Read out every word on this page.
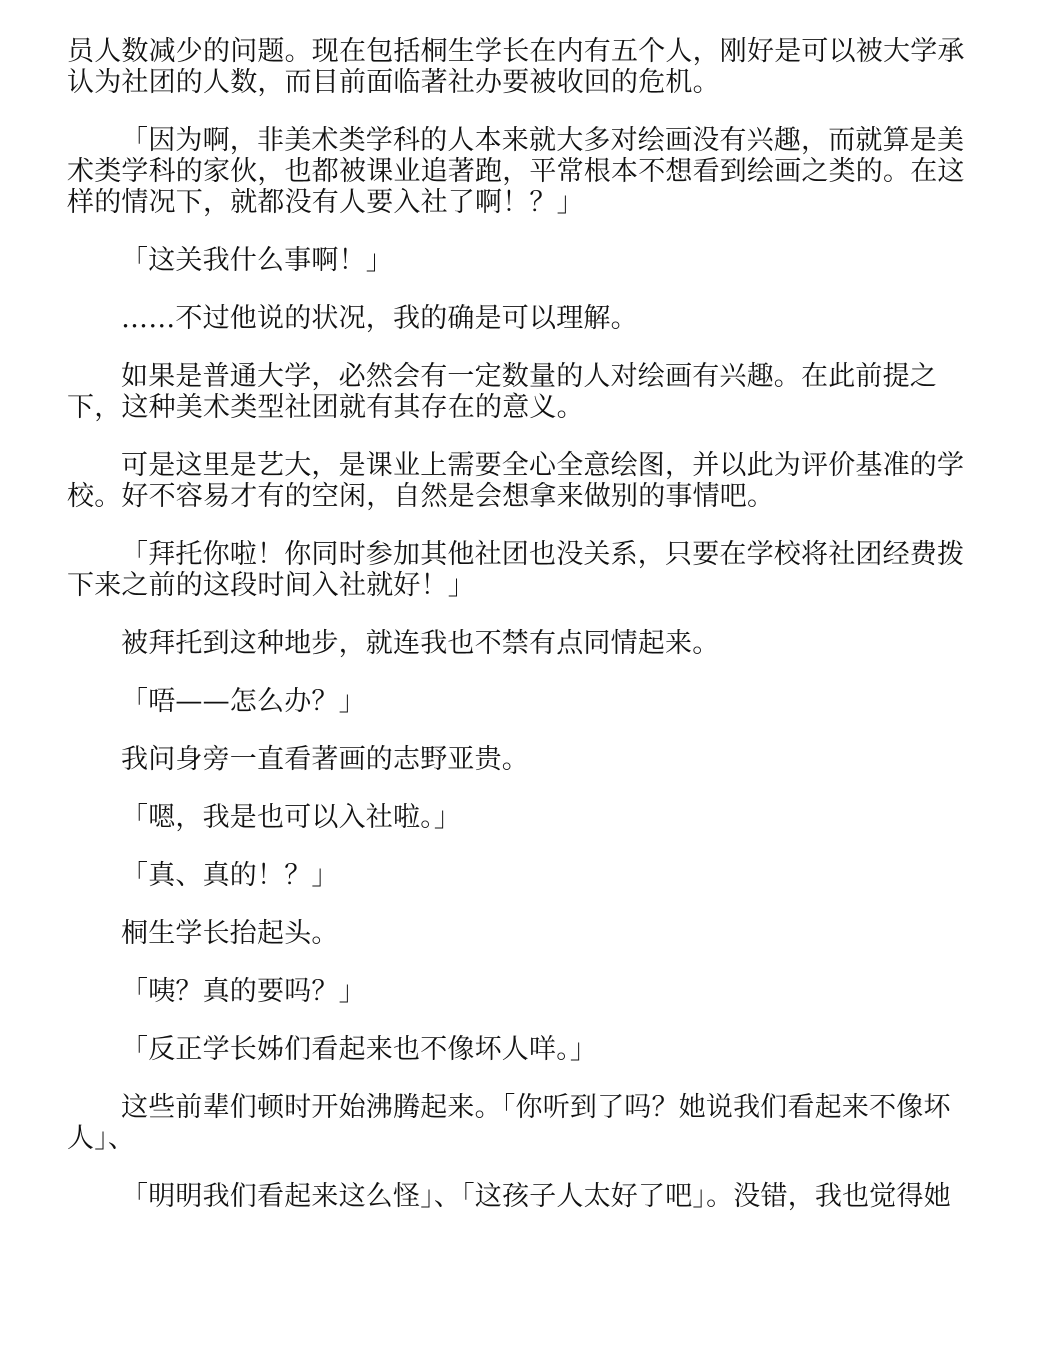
员人数减少的问题。现在包括桐生学长在内有五个人，刚好是可以被大学承认为社团的人数，而目前面临著社办要被收回的危机。

「因为啊，非美术类学科的人本来就大多对绘画没有兴趣，而就算是美术类学科的家伙，也都被课业追著跑，平常根本不想看到绘画之类的。在这样的情况下，就都没有人要入社了啊！？」

「这关我什么事啊！」

……不过他说的状况，我的确是可以理解。

如果是普通大学，必然会有一定数量的人对绘画有兴趣。在此前提之下，这种美术类型社团就有其存在的意义。

可是这里是艺大，是课业上需要全心全意绘图，并以此为评价基准的学校。好不容易才有的空闲，自然是会想拿来做别的事情吧。

「拜托你啦！你同时参加其他社团也没关系，只要在学校将社团经费拨下来之前的这段时间入社就好！」

被拜托到这种地步，就连我也不禁有点同情起来。

「唔——怎么办？」

我问身旁一直看著画的志野亚贵。

「嗯，我是也可以入社啦。」

「真、真的！？」

桐生学长抬起头。

「咦？真的要吗？」

「反正学长姊们看起来也不像坏人咩。」

这些前辈们顿时开始沸腾起来。「你听到了吗？她说我们看起来不像坏人」、

「明明我们看起来这么怪」、「这孩子人太好了吧」。没错，我也觉得她
